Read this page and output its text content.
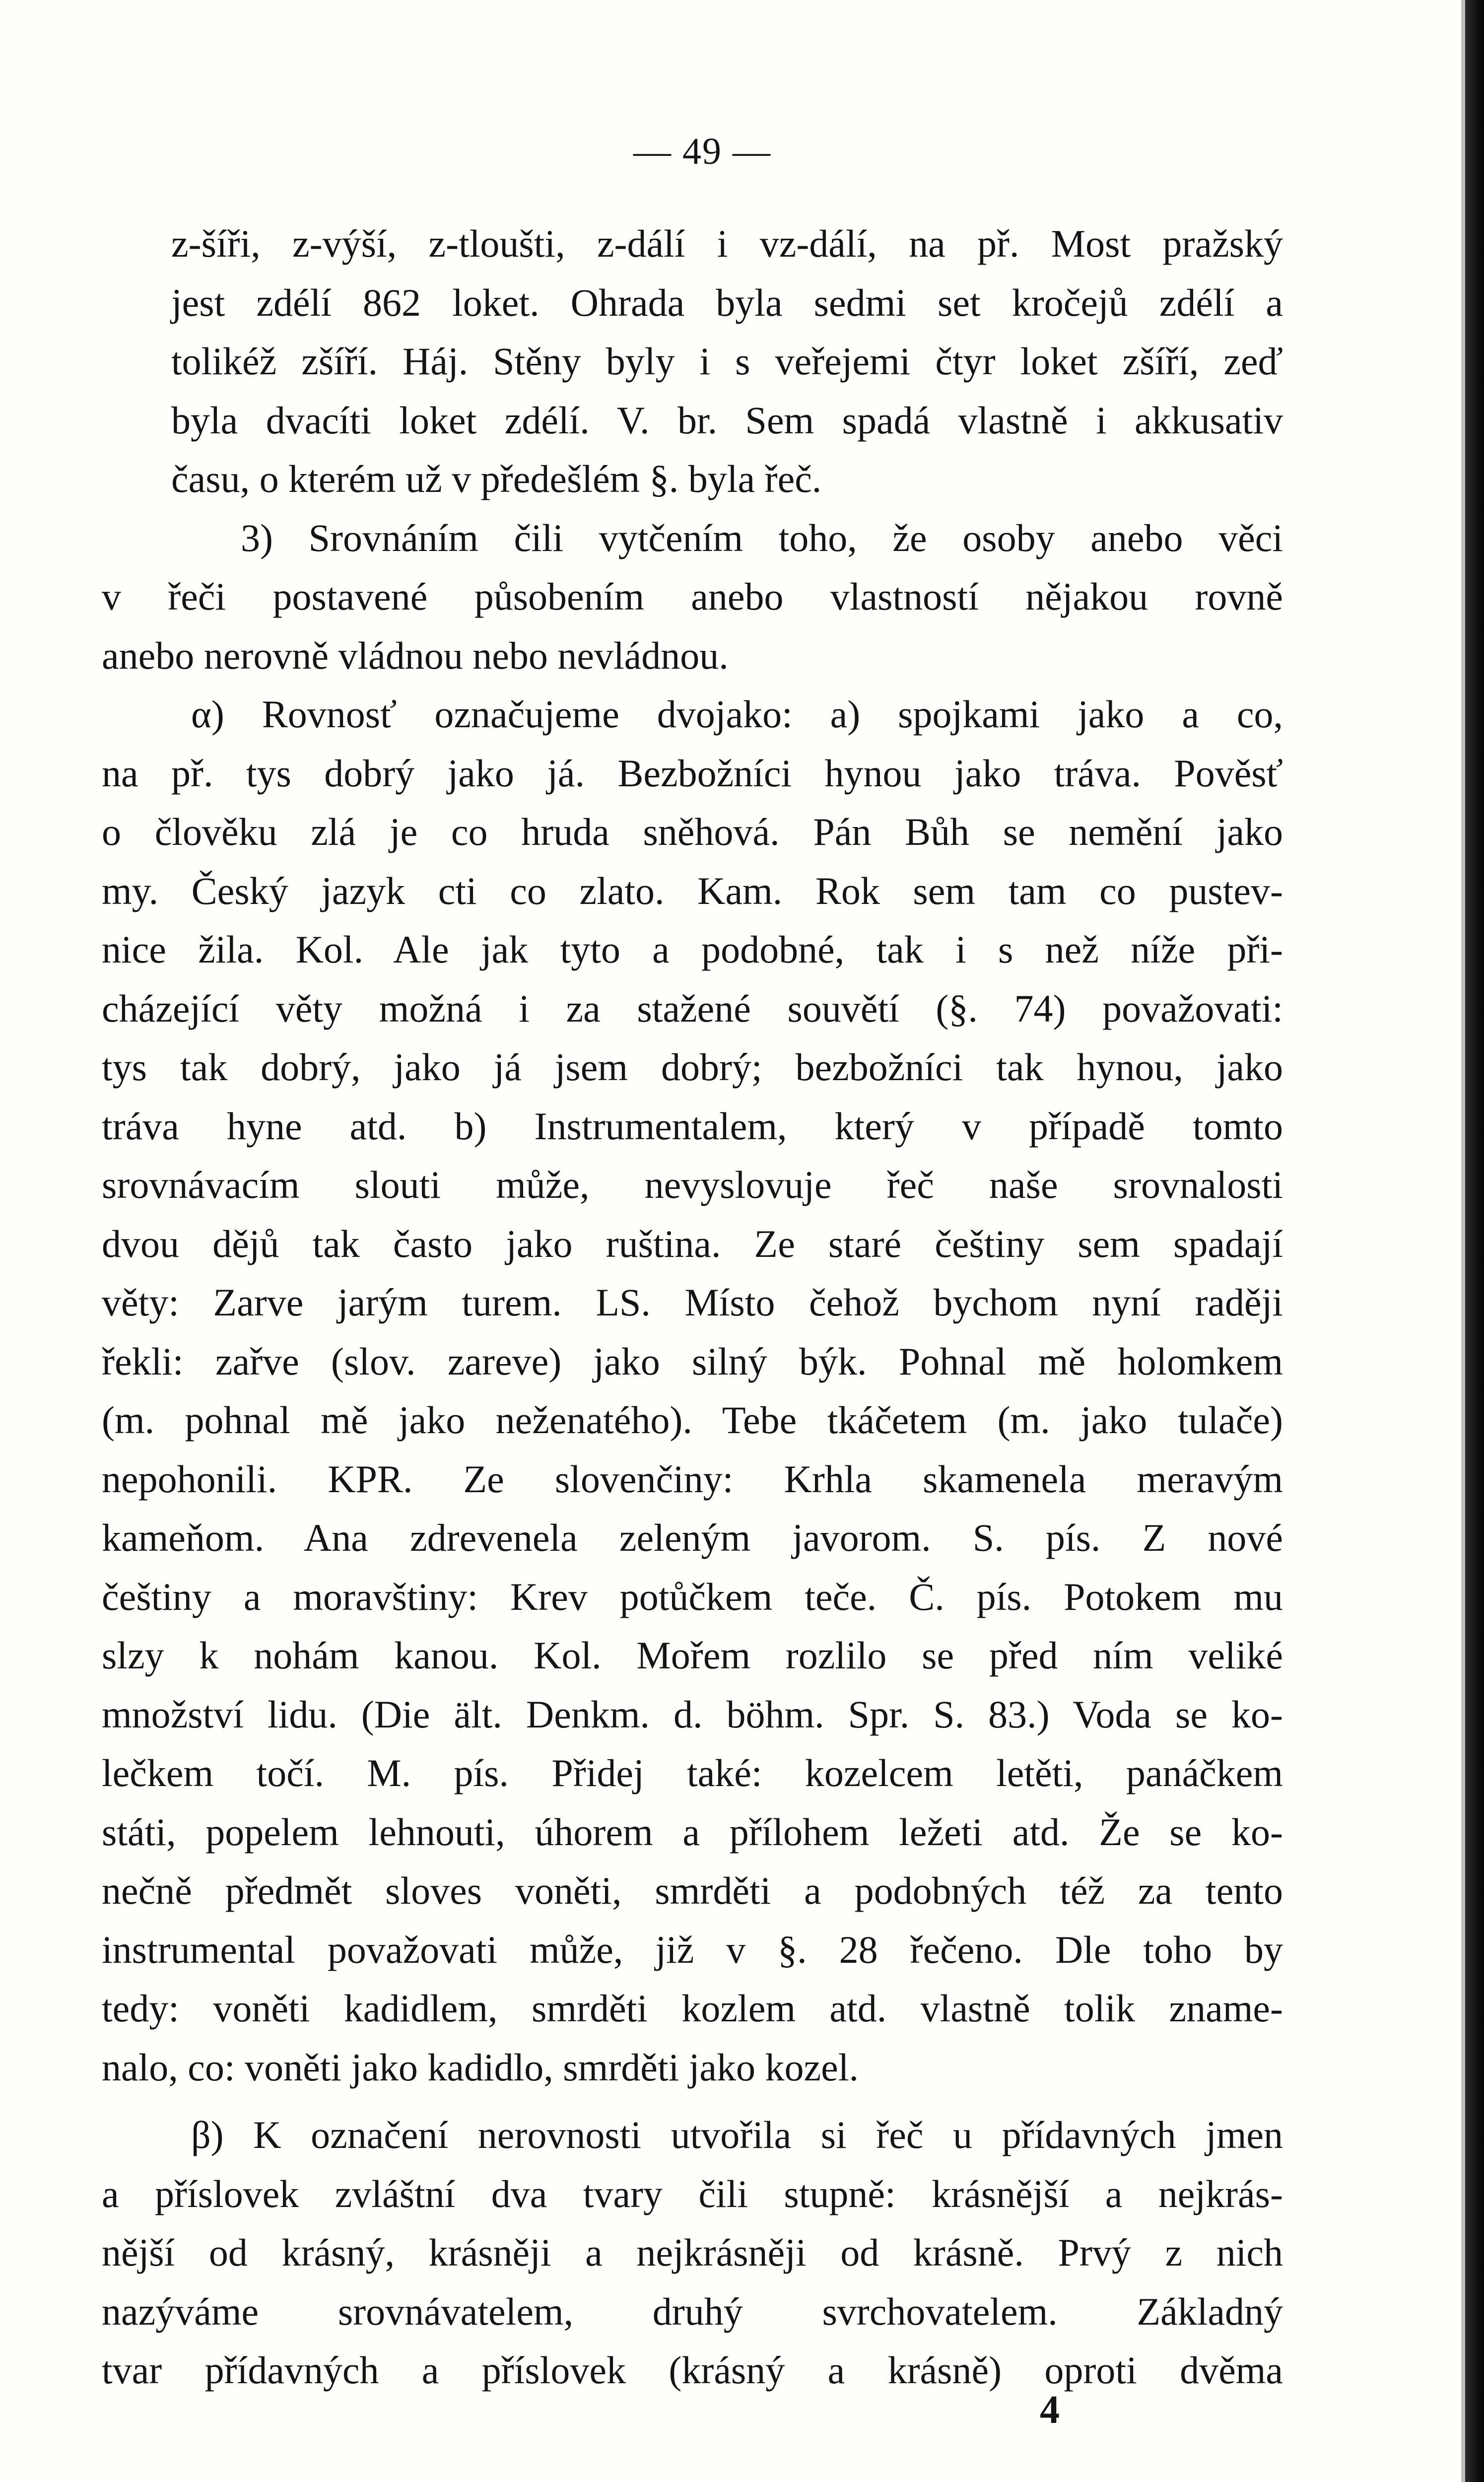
— 49 —

z-šíři, z-výší, z-tloušti, z-dálí i vz-dálí, na př. Most pražský
jest zdélí 862 loket. Ohrada byla sedmi set kročejů zdélí a
tolikéž zšíří. Háj. Stěny byly i s veřejemi čtyr loket zšíří, zeď
byla dvacíti loket zdélí. V. br. Sem spadá vlastně i akkusativ
času, o kterém už v předešlém §. byla řeč.

3) Srovnáním čili vytčením toho, že osoby anebo věci
v řeči postavené působením anebo vlastností nějakou rovně
anebo nerovně vládnou nebo nevládnou.

α) Rovnosť označujeme dvojako: a) spojkami jako a co,
na př. tys dobrý jako já. Bezbožníci hynou jako tráva. Pověsť
o člověku zlá je co hruda sněhová. Pán Bůh se nemění jako
my. Český jazyk cti co zlato. Kam. Rok sem tam co pustev-
nice žila. Kol. Ale jak tyto a podobné, tak i s než níže při-
cházející věty možná i za stažené souvětí (§. 74) považovati:
tys tak dobrý, jako já jsem dobrý; bezbožníci tak hynou, jako
tráva hyne atd. b) Instrumentalem, který v případě tomto
srovnávacím slouti může, nevyslovuje řeč naše srovnalosti
dvou dějů tak často jako ruština. Ze staré češtiny sem spadají
věty: Zarve jarým turem. LS. Místo čehož bychom nyní raději
řekli: zařve (slov. zareve) jako silný býk. Pohnal mě holomkem
(m. pohnal mě jako neženatého). Tebe tkáčetem (m. jako tulače)
nepohonili. KPR. Ze slovenčiny: Krhla skamenela meravým
kameňom. Ana zdrevenela zeleným javorom. S. pís. Z nové
češtiny a moravštiny: Krev potůčkem teče. Č. pís. Potokem mu
slzy k nohám kanou. Kol. Mořem rozlilo se před ním veliké
množství lidu. (Die ält. Denkm. d. böhm. Spr. S. 83.) Voda se ko-
lečkem točí. M. pís. Přidej také: kozelcem letěti, panáčkem
státi, popelem lehnouti, úhorem a přílohem ležeti atd. Že se ko-
nečně předmět sloves voněti, smrděti a podobných též za tento
instrumental považovati může, již v §. 28 řečeno. Dle toho by
tedy: voněti kadidlem, smrděti kozlem atd. vlastně tolik zname-
nalo, co: voněti jako kadidlo, smrděti jako kozel.

β) K označení nerovnosti utvořila si řeč u přídavných jmen
a příslovek zvláštní dva tvary čili stupně: krásnější a nejkrás-
nější od krásný, krásněji a nejkrásněji od krásně. Prvý z nich
nazýváme srovnávatelem, druhý svrchovatelem. Základný
tvar přídavných a příslovek (krásný a krásně) oproti dvěma

4
